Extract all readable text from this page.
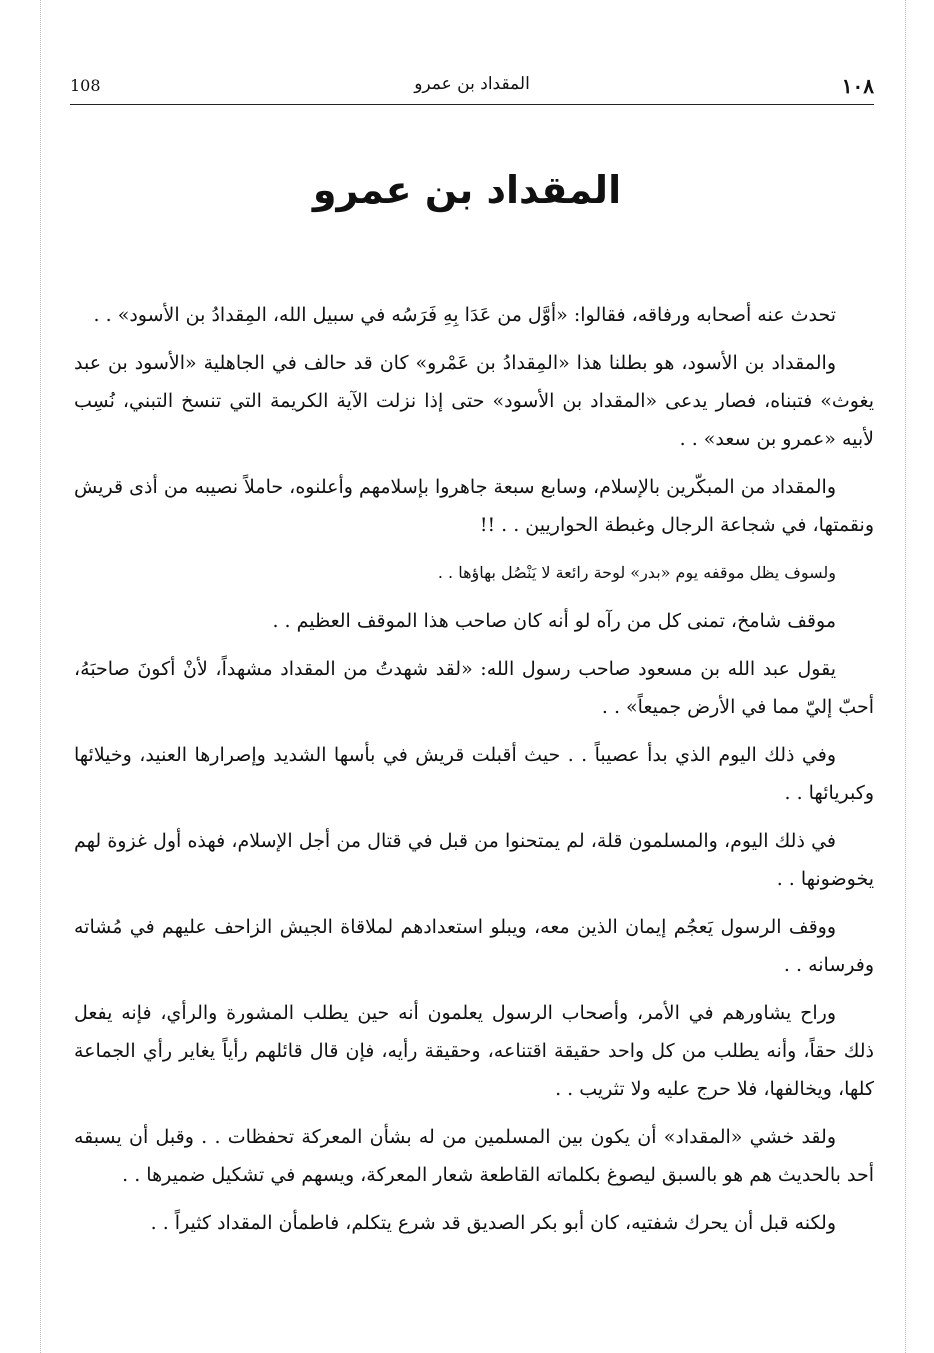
١٠٨
المقداد بن عمرو
108
المقداد بن عمرو

تحدث عنه أصحابه ورفاقه، فقالوا: «أوَّل من عَدَا بِهِ فَرَسُه في سبيل الله، المِقدادُ بن الأسود» . .

والمقداد بن الأسود، هو بطلنا هذا «المِقدادُ بن عَمْرو» كان قد حالف في الجاهلية «الأسود بن عبد يغوث» فتبناه، فصار يدعى «المقداد بن الأسود» حتى إذا نزلت الآية الكريمة التي تنسخ التبني، نُسِب لأبيه «عمرو بن سعد» . .

والمقداد من المبكّرين بالإسلام، وسابع سبعة جاهروا بإسلامهم وأعلنوه، حاملاً نصيبه من أذى قريش ونقمتها، في شجاعة الرجال وغبطة الحواريين . . !!

ولسوف يظل موقفه يوم «بدر» لوحة رائعة لا يَنْصُل بهاؤها . .

موقف شامخ، تمنى كل من رآه لو أنه كان صاحب هذا الموقف العظيم . .

يقول عبد الله بن مسعود صاحب رسول الله: «لقد شهدتُ من المقداد مشهداً، لأنْ أكونَ صاحبَهُ، أحبّ إليّ مما في الأرض جميعاً» . .

وفي ذلك اليوم الذي بدأ عصيباً . . حيث أقبلت قريش في بأسها الشديد وإصرارها العنيد، وخيلائها وكبريائها . .

في ذلك اليوم، والمسلمون قلة، لم يمتحنوا من قبل في قتال من أجل الإسلام، فهذه أول غزوة لهم يخوضونها . .

ووقف الرسول يَعجُم إيمان الذين معه، ويبلو استعدادهم لملاقاة الجيش الزاحف عليهم في مُشاته وفرسانه . .

وراح يشاورهم في الأمر، وأصحاب الرسول يعلمون أنه حين يطلب المشورة والرأي، فإنه يفعل ذلك حقاً، وأنه يطلب من كل واحد حقيقة اقتناعه، وحقيقة رأيه، فإن قال قائلهم رأياً يغاير رأي الجماعة كلها، ويخالفها، فلا حرج عليه ولا تثريب . .

ولقد خشي «المقداد» أن يكون بين المسلمين من له بشأن المعركة تحفظات . . وقبل أن يسبقه أحد بالحديث هم هو بالسبق ليصوغ بكلماته القاطعة شعار المعركة، ويسهم في تشكيل ضميرها . .

ولكنه قبل أن يحرك شفتيه، كان أبو بكر الصديق قد شرع يتكلم، فاطمأن المقداد كثيراً . .
